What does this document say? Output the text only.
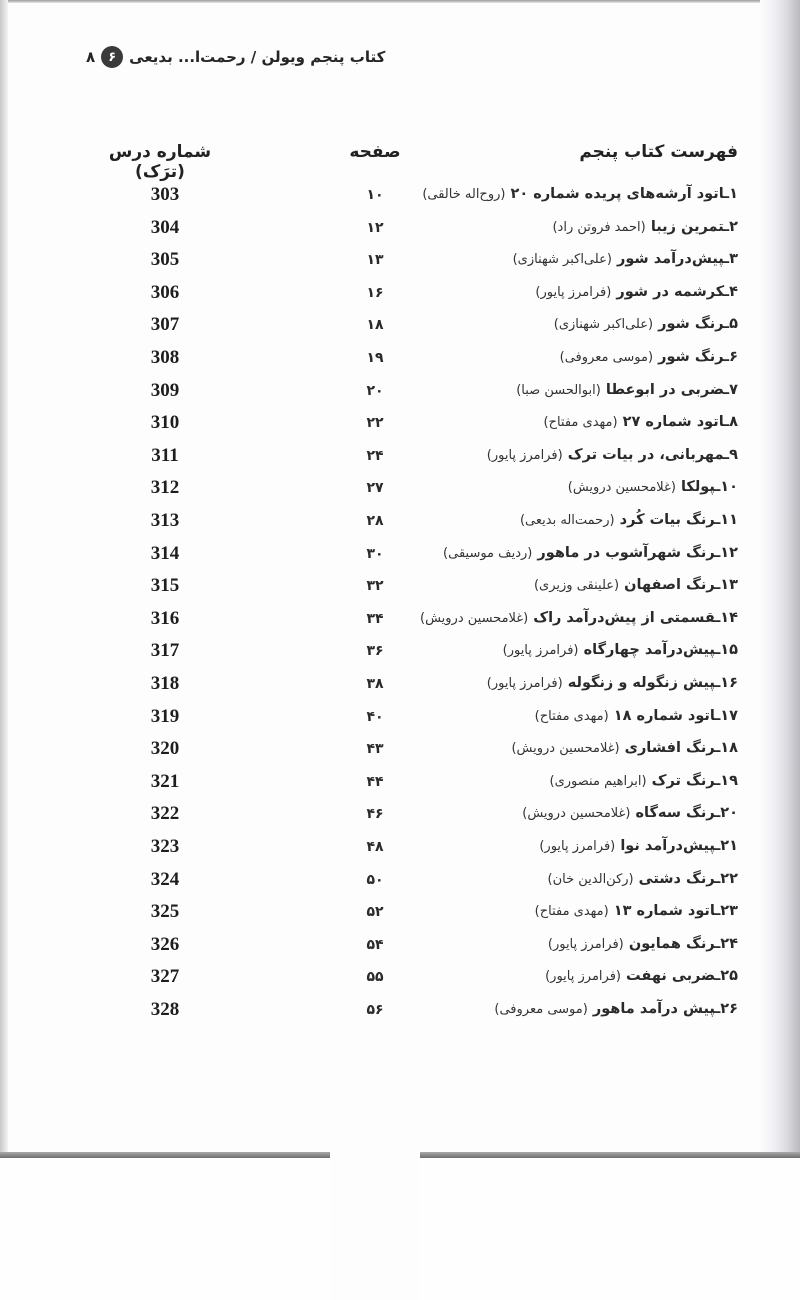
۸	۶ کتاب پنجم ویولن / رحمت‌ا... بدیعی
فهرست کتاب پنجم
صفحه
شماره درس (ترَک)
۱ـاتود آرشه‌های پریده شماره ۲۰ (روح‌اله خالقی)
۱۰
303
۲ـتمرین زیبا (احمد فروتن راد)
۱۲
304
۳ـپیش‌درآمد شور (علی‌اکبر شهنازی)
۱۳
305
۴ـکرشمه در شور (فرامرز پایور)
۱۶
306
۵ـرنگ شور (علی‌اکبر شهنازی)
۱۸
307
۶ـرنگ شور (موسی معروفی)
۱۹
308
۷ـضربی در ابوعطا (ابوالحسن صبا)
۲۰
309
۸ـاتود شماره ۲۷ (مهدی مفتاح)
۲۲
310
۹ـمهربانی، در بیات ترک (فرامرز پایور)
۲۴
311
۱۰ـپولکا (غلامحسین درویش)
۲۷
312
۱۱ـرنگ بیات کُرد (رحمت‌اله بدیعی)
۲۸
313
۱۲ـرنگ شهرآشوب در ماهور (ردیف موسیقی)
۳۰
314
۱۳ـرنگ اصفهان (علینقی وزیری)
۳۲
315
۱۴ـقسمتی از پیش‌درآمد راک (غلامحسین درویش)
۳۴
316
۱۵ـپیش‌درآمد چهارگاه (فرامرز پایور)
۳۶
317
۱۶ـپیش زنگوله و زنگوله (فرامرز پایور)
۳۸
318
۱۷ـاتود شماره ۱۸ (مهدی مفتاح)
۴۰
319
۱۸ـرنگ افشاری (غلامحسین درویش)
۴۳
320
۱۹ـرنگ ترک (ابراهیم منصوری)
۴۴
321
۲۰ـرنگ سه‌گاه (غلامحسین درویش)
۴۶
322
۲۱ـپیش‌درآمد نوا (فرامرز پایور)
۴۸
323
۲۲ـرنگ دشتی (رکن‌الدین خان)
۵۰
324
۲۳ـاتود شماره ۱۳ (مهدی مفتاح)
۵۲
325
۲۴ـرنگ همایون (فرامرز پایور)
۵۴
326
۲۵ـضربی نهفت (فرامرز پایور)
۵۵
327
۲۶ـپیش درآمد ماهور (موسی معروفی)
۵۶
328
